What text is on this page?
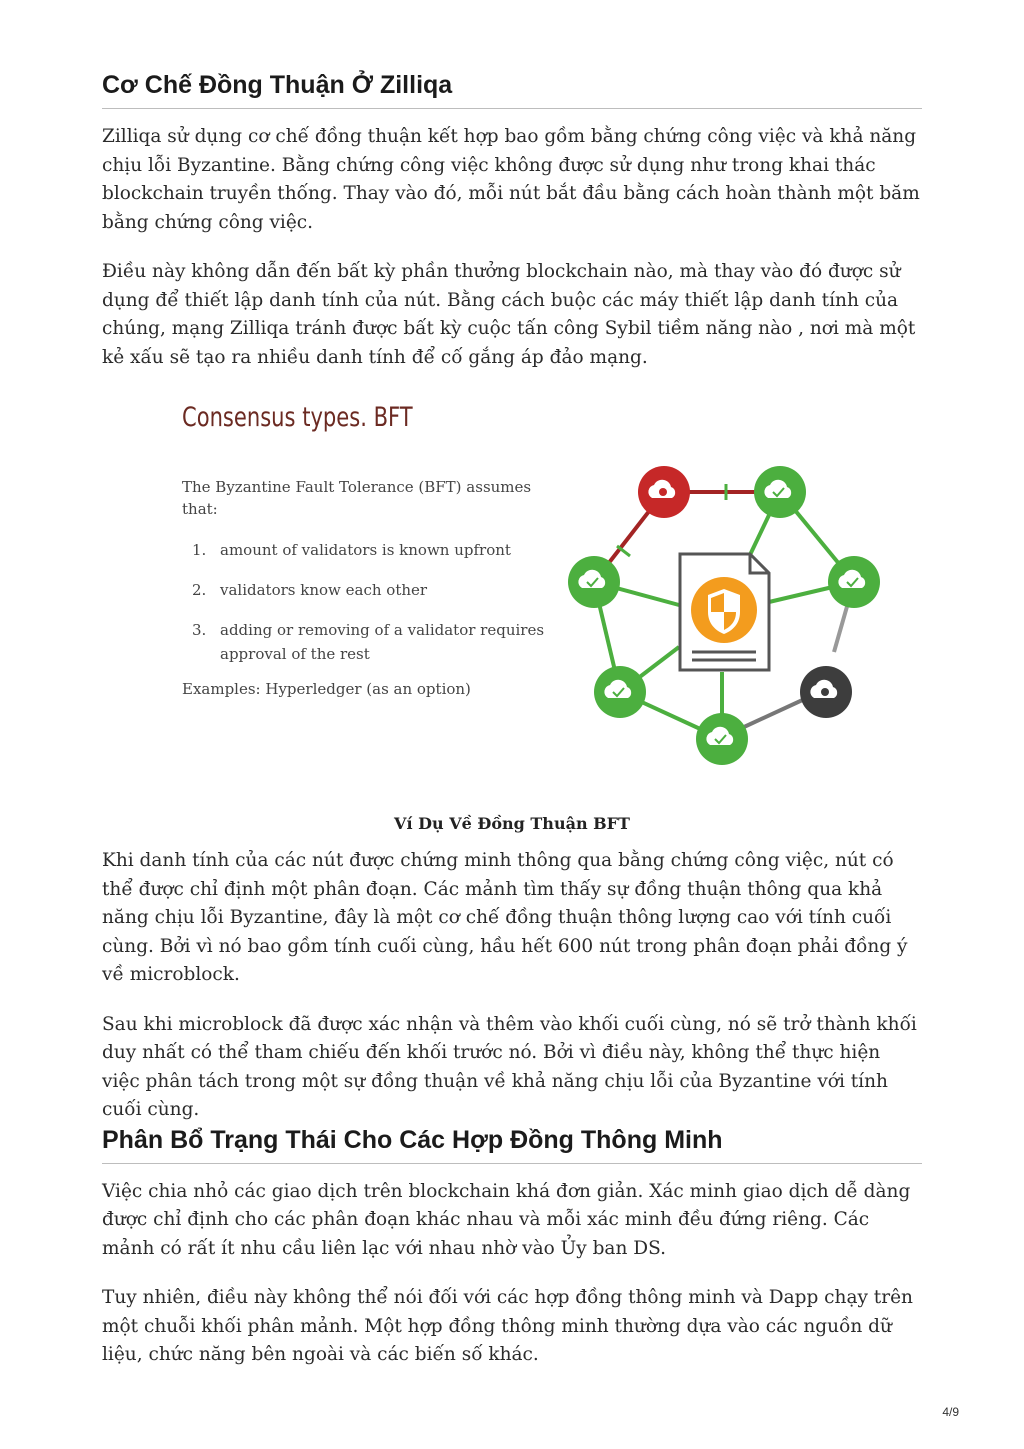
Cơ Chế Đồng Thuận Ở Zilliqa

Zilliqa sử dụng cơ chế đồng thuận kết hợp bao gồm bằng chứng công việc và khả năng chịu lỗi Byzantine. Bằng chứng công việc không được sử dụng như trong khai thác blockchain truyền thống. Thay vào đó, mỗi nút bắt đầu bằng cách hoàn thành một băm bằng chứng công việc.

Điều này không dẫn đến bất kỳ phần thưởng blockchain nào, mà thay vào đó được sử dụng để thiết lập danh tính của nút. Bằng cách buộc các máy thiết lập danh tính của chúng, mạng Zilliqa tránh được bất kỳ cuộc tấn công Sybil tiềm năng nào , nơi mà một kẻ xấu sẽ tạo ra nhiều danh tính để cố gắng áp đảo mạng.

Consensus types. BFT
The Byzantine Fault Tolerance (BFT) assumes that:
1. amount of validators is known upfront
2. validators know each other
3. adding or removing of a validator requires approval of the rest
Examples: Hyperledger (as an option)
Ví Dụ Về Đồng Thuận BFT

Khi danh tính của các nút được chứng minh thông qua bằng chứng công việc, nút có thể được chỉ định một phân đoạn. Các mảnh tìm thấy sự đồng thuận thông qua khả năng chịu lỗi Byzantine, đây là một cơ chế đồng thuận thông lượng cao với tính cuối cùng. Bởi vì nó bao gồm tính cuối cùng, hầu hết 600 nút trong phân đoạn phải đồng ý về microblock.

Sau khi microblock đã được xác nhận và thêm vào khối cuối cùng, nó sẽ trở thành khối duy nhất có thể tham chiếu đến khối trước nó. Bởi vì điều này, không thể thực hiện việc phân tách trong một sự đồng thuận về khả năng chịu lỗi của Byzantine với tính cuối cùng.

Phân Bổ Trạng Thái Cho Các Hợp Đồng Thông Minh

Việc chia nhỏ các giao dịch trên blockchain khá đơn giản. Xác minh giao dịch dễ dàng được chỉ định cho các phân đoạn khác nhau và mỗi xác minh đều đứng riêng. Các mảnh có rất ít nhu cầu liên lạc với nhau nhờ vào Ủy ban DS.

Tuy nhiên, điều này không thể nói đối với các hợp đồng thông minh và Dapp chạy trên một chuỗi khối phân mảnh. Một hợp đồng thông minh thường dựa vào các nguồn dữ liệu, chức năng bên ngoài và các biến số khác.

4/9
